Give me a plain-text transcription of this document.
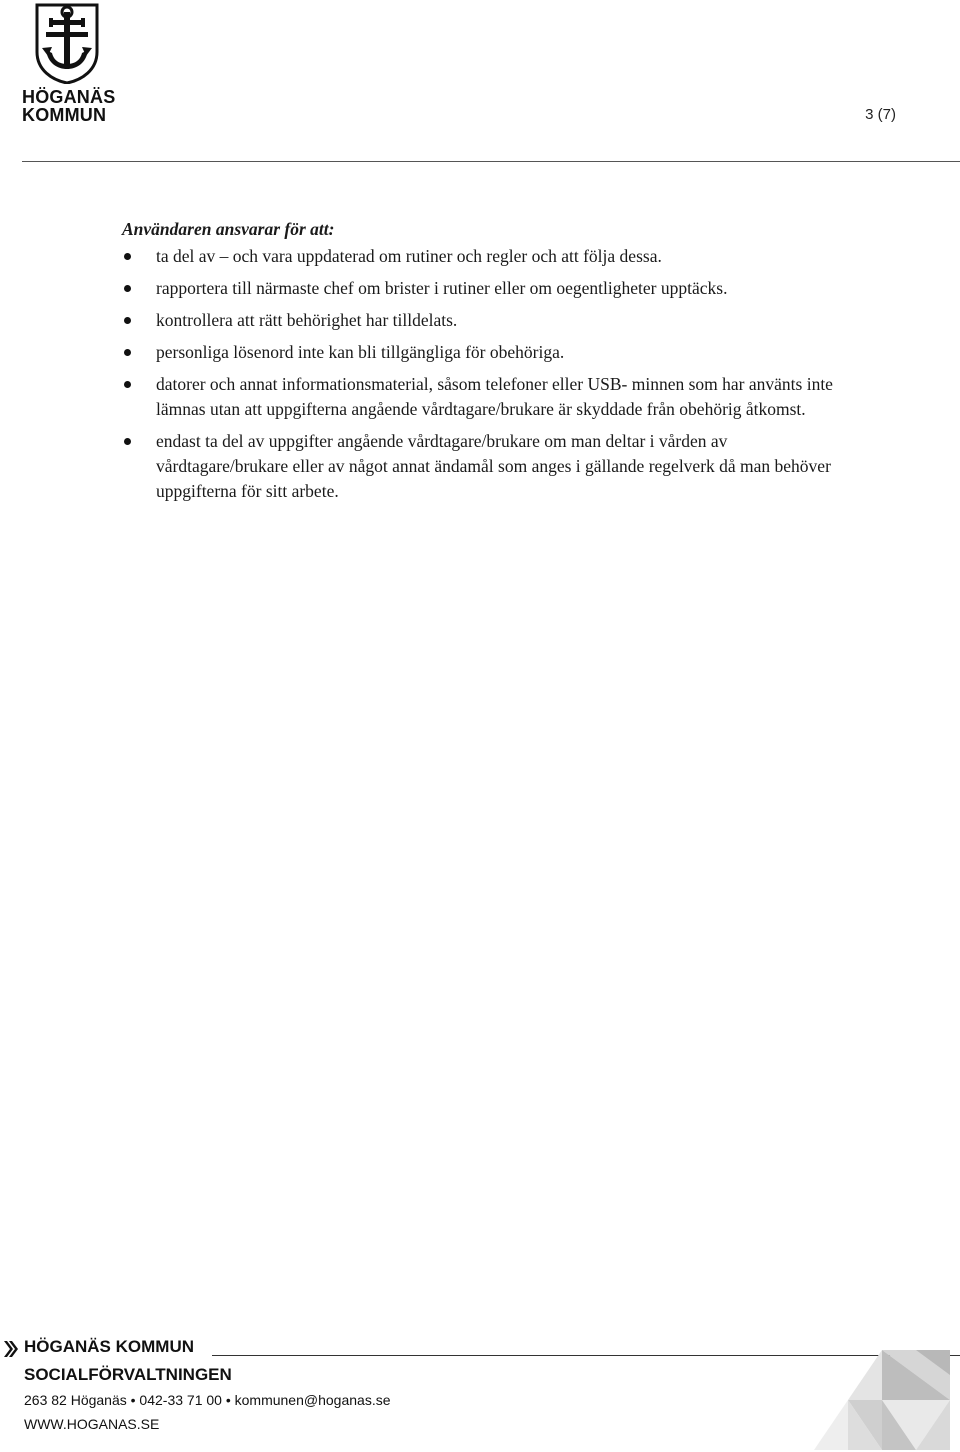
HÖGANÄS
KOMMUN	3 (7)
Användaren ansvarar för att:
ta del av – och vara uppdaterad om rutiner och regler och att följa dessa.
rapportera till närmaste chef om brister i rutiner eller om oegentligheter upptäcks.
kontrollera att rätt behörighet har tilldelats.
personliga lösenord inte kan bli tillgängliga för obehöriga.
datorer och annat informationsmaterial, såsom telefoner eller USB- minnen som har använts inte lämnas utan att uppgifterna angående vårdtagare/brukare är skyddade från obehörig åtkomst.
endast ta del av uppgifter angående vårdtagare/brukare om man deltar i vården av vårdtagare/brukare eller av något annat ändamål som anges i gällande regelverk då man behöver uppgifterna för sitt arbete.
HÖGANÄS KOMMUN
SOCIALFÖRVALTNINGEN
263 82 Höganäs • 042-33 71 00 • kommunen@hoganas.se
WWW.HOGANAS.SE
